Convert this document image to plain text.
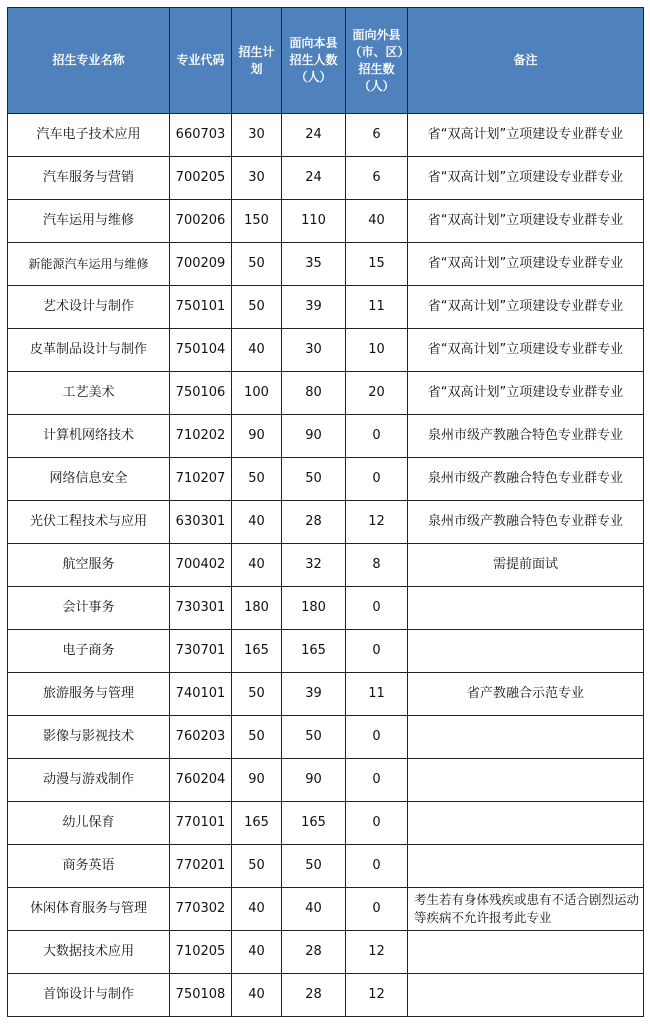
招生专业名称	专业代码	招生计划	面向本县招生人数（人）	面向外县（市、区）招生数（人）	备注
汽车电子技术应用	660703	30	24	6	省“双高计划”立项建设专业群专业
汽车服务与营销	700205	30	24	6	省“双高计划”立项建设专业群专业
汽车运用与维修	700206	150	110	40	省“双高计划”立项建设专业群专业
新能源汽车运用与维修	700209	50	35	15	省“双高计划”立项建设专业群专业
艺术设计与制作	750101	50	39	11	省“双高计划”立项建设专业群专业
皮革制品设计与制作	750104	40	30	10	省“双高计划”立项建设专业群专业
工艺美术	750106	100	80	20	省“双高计划”立项建设专业群专业
计算机网络技术	710202	90	90	0	泉州市级产教融合特色专业群专业
网络信息安全	710207	50	50	0	泉州市级产教融合特色专业群专业
光伏工程技术与应用	630301	40	28	12	泉州市级产教融合特色专业群专业
航空服务	700402	40	32	8	需提前面试
会计事务	730301	180	180	0	
电子商务	730701	165	165	0	
旅游服务与管理	740101	50	39	11	省产教融合示范专业
影像与影视技术	760203	50	50	0	
动漫与游戏制作	760204	90	90	0	
幼儿保育	770101	165	165	0	
商务英语	770201	50	50	0	
休闲体育服务与管理	770302	40	40	0	考生若有身体残疾或患有不适合剧烈运动等疾病不允许报考此专业
大数据技术应用	710205	40	28	12	
首饰设计与制作	750108	40	28	12	
